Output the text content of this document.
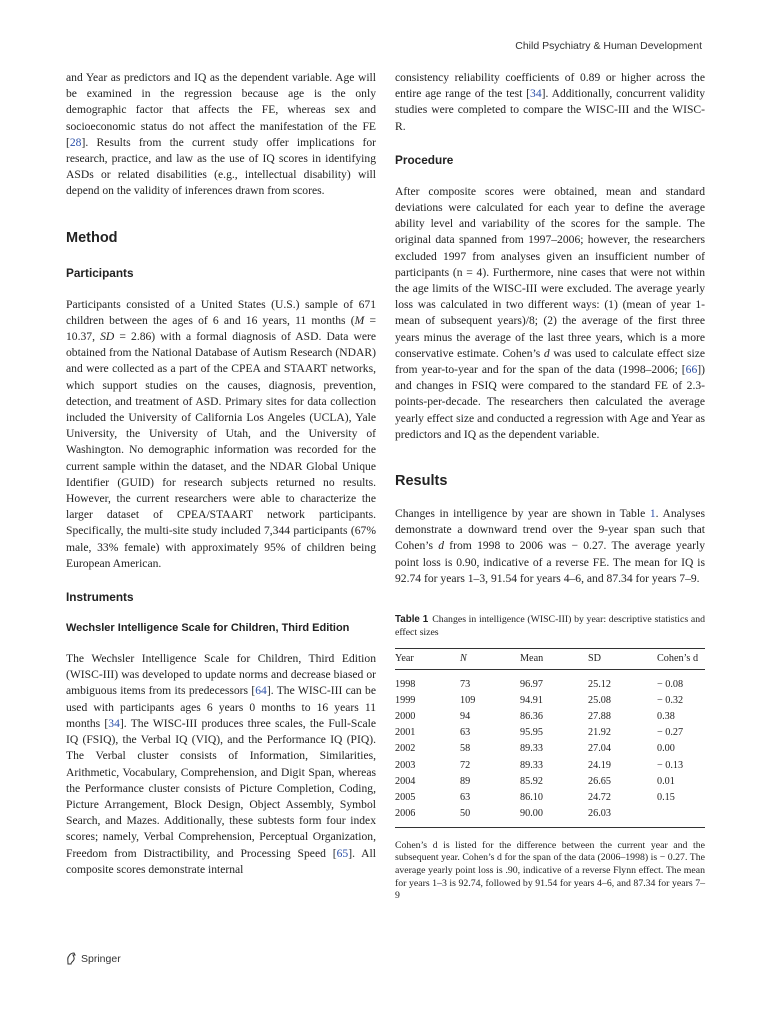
Child Psychiatry & Human Development

and Year as predictors and IQ as the dependent variable. Age will be examined in the regression because age is the only demographic factor that affects the FE, whereas sex and socioeconomic status do not affect the manifestation of the FE [28]. Results from the current study offer implications for research, practice, and law as the use of IQ scores in identifying ASDs or related disabilities (e.g., intellectual disability) will depend on the validity of inferences drawn from scores.

Method
Participants

Participants consisted of a United States (U.S.) sample of 671 children between the ages of 6 and 16 years, 11 months (M = 10.37, SD = 2.86) with a formal diagnosis of ASD. Data were obtained from the National Database of Autism Research (NDAR) and were collected as a part of the CPEA and STAART networks, which support studies on the causes, diagnosis, prevention, detection, and treatment of ASD. Primary sites for data collection included the University of California Los Angeles (UCLA), Yale University, the University of Utah, and the University of Washington. No demographic information was recorded for the current sample within the dataset, and the NDAR Global Unique Identifier (GUID) for research subjects returned no results. However, the current researchers were able to characterize the larger dataset of CPEA/STAART network participants. Specifically, the multi-site study included 7,344 participants (67% male, 33% female) with approximately 95% of children being European American.

Instruments
Wechsler Intelligence Scale for Children, Third Edition

The Wechsler Intelligence Scale for Children, Third Edition (WISC-III) was developed to update norms and decrease biased or ambiguous items from its predecessors [64]. The WISC-III can be used with participants ages 6 years 0 months to 16 years 11 months [34]. The WISC-III produces three scales, the Full-Scale IQ (FSIQ), the Verbal IQ (VIQ), and the Performance IQ (PIQ). The Verbal cluster consists of Information, Similarities, Arithmetic, Vocabulary, Comprehension, and Digit Span, whereas the Performance cluster consists of Picture Completion, Coding, Picture Arrangement, Block Design, Object Assembly, Symbol Search, and Mazes. Additionally, these subtests form four index scores; namely, Verbal Comprehension, Perceptual Organization, Freedom from Distractibility, and Processing Speed [65]. All composite scores demonstrate internal

consistency reliability coefficients of 0.89 or higher across the entire age range of the test [34]. Additionally, concurrent validity studies were completed to compare the WISC-III and the WISC-R.

Procedure

After composite scores were obtained, mean and standard deviations were calculated for each year to define the average ability level and variability of the scores for the sample. The original data spanned from 1997–2006; however, the researchers excluded 1997 from analyses given an insufficient number of participants (n = 4). Furthermore, nine cases that were not within the age limits of the WISC-III were excluded. The average yearly loss was calculated in two different ways: (1) (mean of year 1-mean of subsequent years)/8; (2) the average of the first three years minus the average of the last three years, which is a more conservative estimate. Cohen’s d was used to calculate effect size from year-to-year and for the span of the data (1998–2006; [66]) and changes in FSIQ were compared to the standard FE of 2.3-points-per-decade. The researchers then calculated the average yearly effect size and conducted a regression with Age and Year as predictors and IQ as the dependent variable.

Results

Changes in intelligence by year are shown in Table 1. Analyses demonstrate a downward trend over the 9-year span such that Cohen’s d from 1998 to 2006 was − 0.27. The average yearly point loss is 0.90, indicative of a reverse FE. The mean for IQ is 92.74 for years 1–3, 91.54 for years 4–6, and 87.34 for years 7–9.

Table 1 Changes in intelligence (WISC-III) by year: descriptive statistics and effect sizes
Year	N	Mean	SD	Cohen’s d
1998	73	96.97	25.12	− 0.08
1999	109	94.91	25.08	− 0.32
2000	94	86.36	27.88	0.38
2001	63	95.95	21.92	− 0.27
2002	58	89.33	27.04	0.00
2003	72	89.33	24.19	− 0.13
2004	89	85.92	26.65	0.01
2005	63	86.10	24.72	0.15
2006	50	90.00	26.03	
Cohen’s d is listed for the difference between the current year and the subsequent year. Cohen’s d for the span of the data (2006–1998) is − 0.27. The average yearly point loss is .90, indicative of a reverse Flynn effect. The mean for years 1–3 is 92.74, followed by 91.54 for years 4–6, and 87.34 for years 7–9
Springer
